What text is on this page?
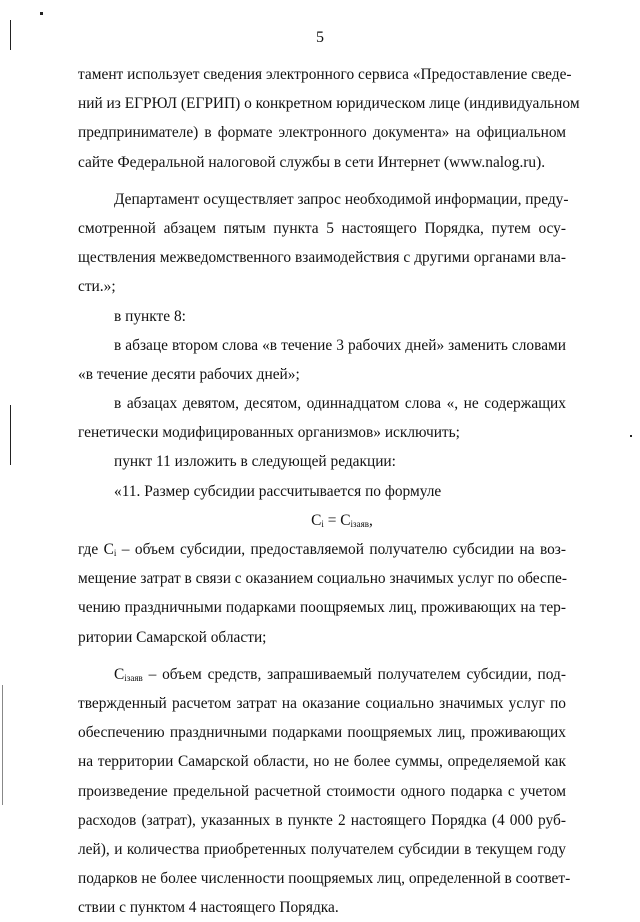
5
тамент использует сведения электронного сервиса «Предоставление сведе-
ний из ЕГРЮЛ (ЕГРИП) о конкретном юридическом лице (индивидуальном
предпринимателе) в формате электронного документа» на официальном
сайте Федеральной налоговой службы в сети Интернет (www.nalog.ru).
Департамент осуществляет запрос необходимой информации, преду-
смотренной абзацем пятым пункта 5 настоящего Порядка, путем осу-
ществления межведомственного взаимодействия с другими органами вла-
сти.»;
в пункте 8:
в абзаце втором слова «в течение 3 рабочих дней» заменить словами
«в течение десяти рабочих дней»;
в абзацах девятом, десятом, одиннадцатом слова «, не содержащих
генетически модифицированных организмов» исключить;
пункт 11 изложить в следующей редакции:
«11. Размер субсидии рассчитывается по формуле
$C_i = C_{iзаяв}$,
где $C_i$ – объем субсидии, предоставляемой получателю субсидии на воз-
мещение затрат в связи с оказанием социально значимых услуг по обеспе-
чению праздничными подарками поощряемых лиц, проживающих на тер-
ритории Самарской области;
$C_{iзаяв}$ – объем средств, запрашиваемый получателем субсидии, под-
твержденный расчетом затрат на оказание социально значимых услуг по
обеспечению праздничными подарками поощряемых лиц, проживающих
на территории Самарской области, но не более суммы, определяемой как
произведение предельной расчетной стоимости одного подарка с учетом
расходов (затрат), указанных в пункте 2 настоящего Порядка (4 000 руб-
лей), и количества приобретенных получателем субсидии в текущем году
подарков не более численности поощряемых лиц, определенной в соответ-
ствии с пунктом 4 настоящего Порядка.
